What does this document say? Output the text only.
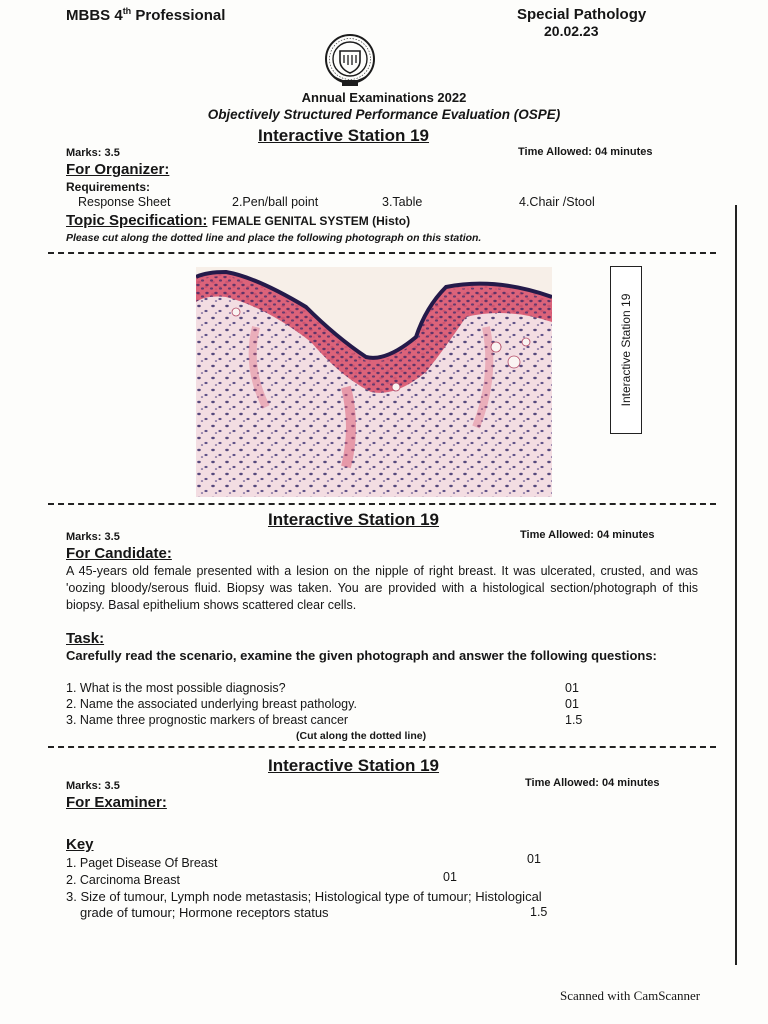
MBBS 4th Professional	Special Pathology
20.02.23
Annual Examinations 2022
Objectively Structured Performance Evaluation (OSPE)
Interactive Station 19
Marks: 3.5	Time Allowed: 04 minutes
For Organizer:
Requirements:
Response Sheet	2.Pen/ball point	3.Table	4.Chair /Stool
Topic Specification: FEMALE GENITAL SYSTEM (Histo)
Please cut along the dotted line and place the following photograph on this station.
Interactive Station 19
Interactive Station 19
Marks: 3.5	Time Allowed: 04 minutes
For Candidate:
A 45-years old female presented with a lesion on the nipple of right breast. It was ulcerated, crusted, and was 'oozing bloody/serous fluid. Biopsy was taken. You are provided with a histological section/photograph of this biopsy. Basal epithelium shows scattered clear cells.
Task:
Carefully read the scenario, examine the given photograph and answer the following questions:
1. What is the most possible diagnosis?	01
2. Name the associated underlying breast pathology.	01
3. Name three prognostic markers of breast cancer	1.5
(Cut along the dotted line)
Interactive Station 19
Marks: 3.5	Time Allowed: 04 minutes
For Examiner:
Key
1. Paget Disease Of Breast	01
2. Carcinoma Breast	01
3. Size of tumour, Lymph node metastasis; Histological type of tumour; Histological
grade of tumour; Hormone receptors status	1.5
Scanned with CamScanner
